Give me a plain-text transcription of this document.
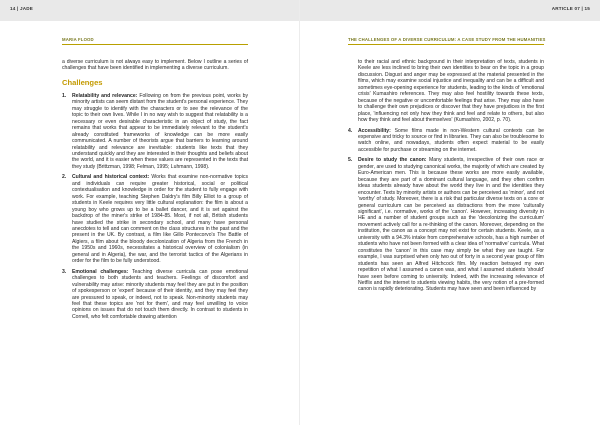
14 | JADE
MARIA FLOOD

a diverse curriculum is not always easy to implement. Below I outline a series of challenges that have been identified in implementing a diverse curriculum.

Challenges
1. Relatability and relevance: Following on from the previous point, works by minority artists can seem distant from the student's personal experience. They may struggle to identify with the characters or to see the relevance of the topic to their own lives. While I in no way wish to suggest that relatability is a necessary or even desirable characteristic in an object of study, the fact remains that works that appear to be immediately relevant to the student's already constituted frameworks of knowledge can be more easily communicated. A number of theorists argue that barriers to learning around relatability and relevance are inevitable: students like texts that they understand quickly and they are interested in their thoughts and beliefs about the world, and it is easier when these values are represented in the texts that they study (Brittzman, 1998; Felman, 1995; Luhmann, 1998).
2. Cultural and historical context: Works that examine non-normative topics and individuals can require greater historical, social or political contextualisation and knowledge in order for the student to fully engage with work. For example, teaching Stephen Daldry's film Billy Elliot to a group of students in Keele requires very little cultural explanation: the film is about a young boy who grows up to be a ballet dancer, and it is set against the backdrop of the miner's strike of 1984-85. Most, if not all, British students have studied the strike in secondary school, and many have personal anecdotes to tell and can comment on the class structures in the past and the present in the UK. By contrast, a film like Gillo Pontecorvo's The Battle of Algiers, a film about the bloody decolonization of Algeria from the French in the 1950s and 1960s, necessitates a historical overview of colonialism (in general and in Algeria), the war, and the terrorist tactics of the Algerians in order for the film to be fully understood.
3. Emotional challenges: Teaching diverse curricula can pose emotional challenges to both students and teachers. Feelings of discomfort and vulnerability may arise: minority students may feel they are put in the position of spokesperson or 'expert' because of their identity, and they may feel they are pressured to speak, or indeed, not to speak. Non-minority students may feel that these topics are 'not for them', and may feel unwilling to voice opinions on issues that do not touch them directly. In contrast to students in Cornell, who felt comfortable drawing attention
ARTICLE 07 | 15
THE CHALLENGES OF A DIVERSE CURRICULUM: A CASE STUDY FROM THE HUMANITIES
to their racial and ethnic background in their interpretation of texts, students in Keele are less inclined to bring their own identities to bear on the topic in a group discussion. Disgust and anger may be expressed at the material presented in the films, which may examine social injustice and inequality and can be a difficult and sometimes eye-opening experience for students, leading to the kinds of 'emotional crisis' Kumashiro references. They may also feel hostility towards these texts, because of the negative or uncomfortable feelings that arise. They may also have to challenge their own prejudices or discover that they have prejudices in the first place, 'influencing not only how they think and feel and relate to others, but also how they think and feel about themselves' (Kumashiro, 2002, p. 70).
4. Accessibility: Some films made in non-Western cultural contexts can be expensive and tricky to source or find in libraries. They can also be troublesome to watch online, and nowadays, students often expect material to be easily accessible for purchase or streaming on the internet.
5. Desire to study the canon: Many students, irrespective of their own race or gender, are used to studying canonical works, the majority of which are created by Euro-American men. This is because these works are more easily available, because they are part of a dominant cultural language, and they often confirm ideas students already have about the world they live in and the identities they encounter. Texts by minority artists or authors can be perceived as 'minor', and not 'worthy' of study. Moreover, there is a risk that particular diverse texts on a core or general curriculum can be perceived as distractions from the more 'culturally significant', i.e. normative, works of the 'canon'. However, increasing diversity in HE and a number of student groups such as the 'decolonizing the curriculum' movement actively call for a re-thinking of the canon. Moreover, depending on the institution, the canon as a concept may not exist for certain students. Keele, as a university with a 94.3% intake from comprehensive schools, has a high number of students who have not been formed with a clear idea of 'normative' curricula. What constitutes the 'canon' in this case may simply be what they are taught. For example, I was surprised when only two out of forty in a second year group of film students has seen an Alfred Hitchcock film. My reaction betrayed my own repetition of what I assumed a canon was, and what I assumed students 'should' have seen before coming to university. Indeed, with the increasing relevance of Netflix and the internet to students viewing habits, the very notion of a pre-formed canon is rapidly deteriorating. Students may have seen and been influenced by
